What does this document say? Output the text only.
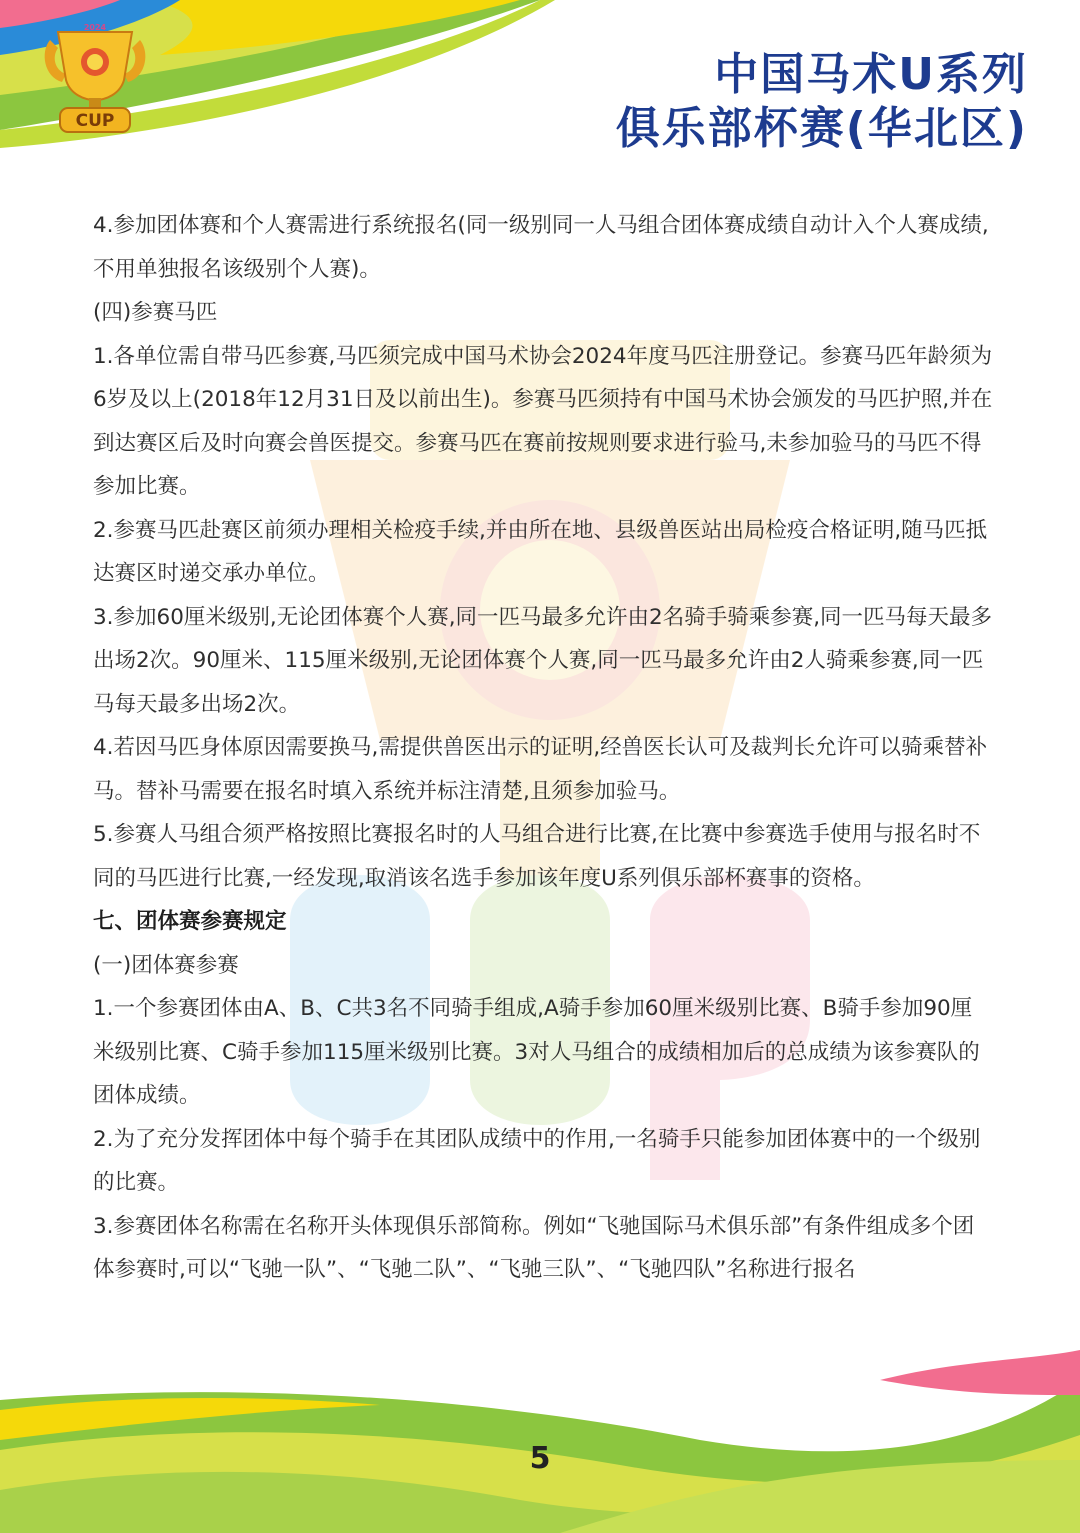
CUP
2024
中国马术U系列
俱乐部杯赛(华北区)

4.参加团体赛和个人赛需进行系统报名(同一级别同一人马组合团体赛成绩自动计入个人赛成绩,不用单独报名该级别个人赛)。

(四)参赛马匹

1.各单位需自带马匹参赛,马匹须完成中国马术协会2024年度马匹注册登记。参赛马匹年龄须为6岁及以上(2018年12月31日及以前出生)。参赛马匹须持有中国马术协会颁发的马匹护照,并在到达赛区后及时向赛会兽医提交。参赛马匹在赛前按规则要求进行验马,未参加验马的马匹不得参加比赛。

2.参赛马匹赴赛区前须办理相关检疫手续,并由所在地、县级兽医站出局检疫合格证明,随马匹抵达赛区时递交承办单位。

3.参加60厘米级别,无论团体赛个人赛,同一匹马最多允许由2名骑手骑乘参赛,同一匹马每天最多出场2次。90厘米、115厘米级别,无论团体赛个人赛,同一匹马最多允许由2人骑乘参赛,同一匹马每天最多出场2次。

4.若因马匹身体原因需要换马,需提供兽医出示的证明,经兽医长认可及裁判长允许可以骑乘替补马。替补马需要在报名时填入系统并标注清楚,且须参加验马。

5.参赛人马组合须严格按照比赛报名时的人马组合进行比赛,在比赛中参赛选手使用与报名时不同的马匹进行比赛,一经发现,取消该名选手参加该年度U系列俱乐部杯赛事的资格。

七、团体赛参赛规定

(一)团体赛参赛

1.一个参赛团体由A、B、C共3名不同骑手组成,A骑手参加60厘米级别比赛、B骑手参加90厘米级别比赛、C骑手参加115厘米级别比赛。3对人马组合的成绩相加后的总成绩为该参赛队的团体成绩。

2.为了充分发挥团体中每个骑手在其团队成绩中的作用,一名骑手只能参加团体赛中的一个级别的比赛。

3.参赛团体名称需在名称开头体现俱乐部简称。例如“飞驰国际马术俱乐部”有条件组成多个团体参赛时,可以“飞驰一队”、“飞驰二队”、“飞驰三队”、“飞驰四队”名称进行报名

5
